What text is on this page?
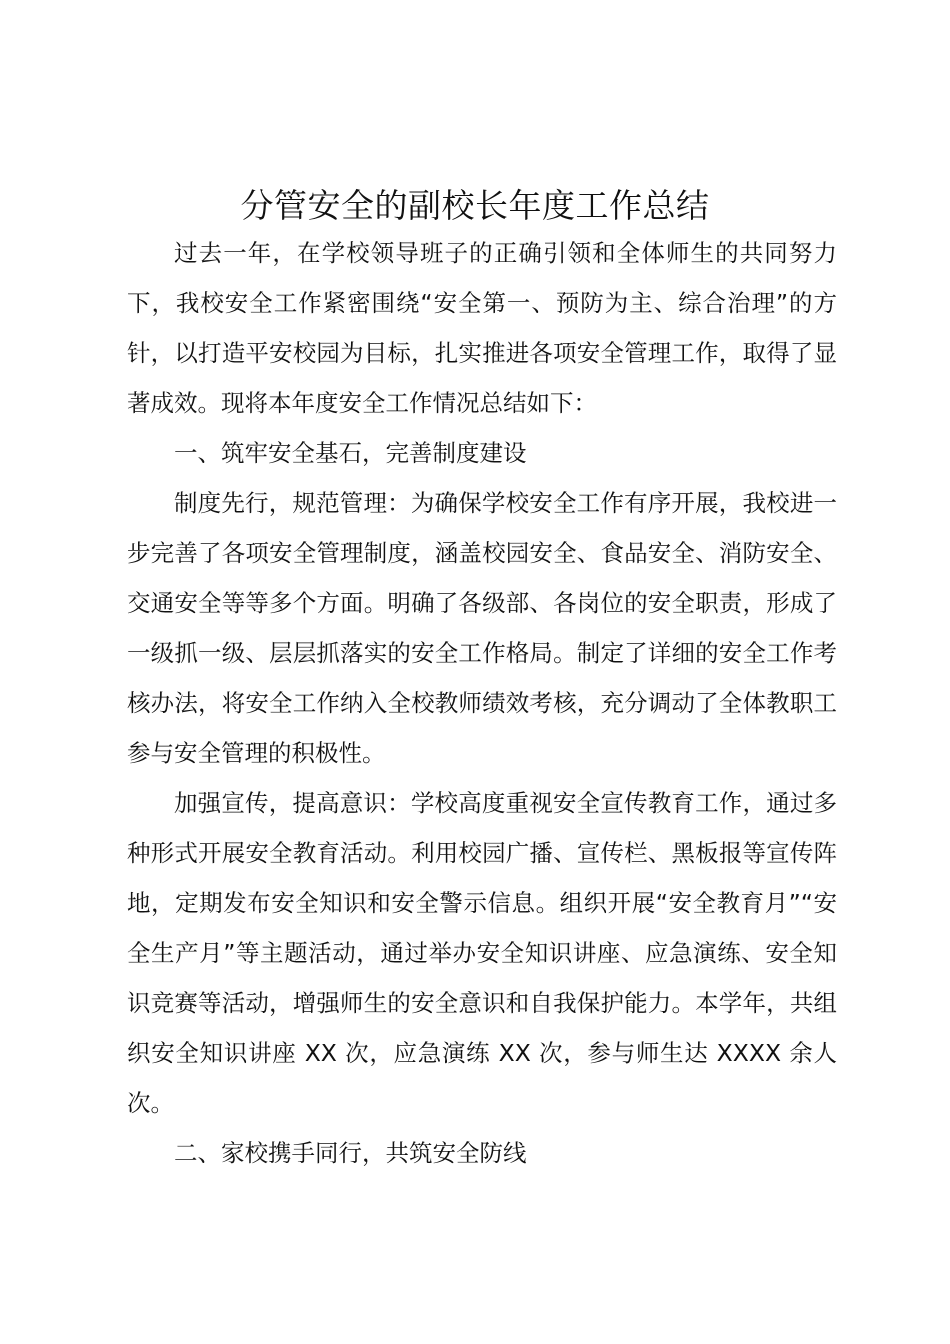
分管安全的副校长年度工作总结

过去一年，在学校领导班子的正确引领和全体师生的共同努力下，我校安全工作紧密围绕“安全第一、预防为主、综合治理”的方针，以打造平安校园为目标，扎实推进各项安全管理工作，取得了显著成效。现将本年度安全工作情况总结如下：

一、筑牢安全基石，完善制度建设

制度先行，规范管理：为确保学校安全工作有序开展，我校进一步完善了各项安全管理制度，涵盖校园安全、食品安全、消防安全、交通安全等等多个方面。明确了各级部、各岗位的安全职责，形成了一级抓一级、层层抓落实的安全工作格局。制定了详细的安全工作考核办法，将安全工作纳入全校教师绩效考核，充分调动了全体教职工参与安全管理的积极性。

加强宣传，提高意识：学校高度重视安全宣传教育工作，通过多种形式开展安全教育活动。利用校园广播、宣传栏、黑板报等宣传阵地，定期发布安全知识和安全警示信息。组织开展“安全教育月”“安全生产月”等主题活动，通过举办安全知识讲座、应急演练、安全知识竞赛等活动，增强师生的安全意识和自我保护能力。本学年，共组织安全知识讲座 XX 次，应急演练 XX 次，参与师生达 XXXX 余人次。

二、家校携手同行，共筑安全防线
